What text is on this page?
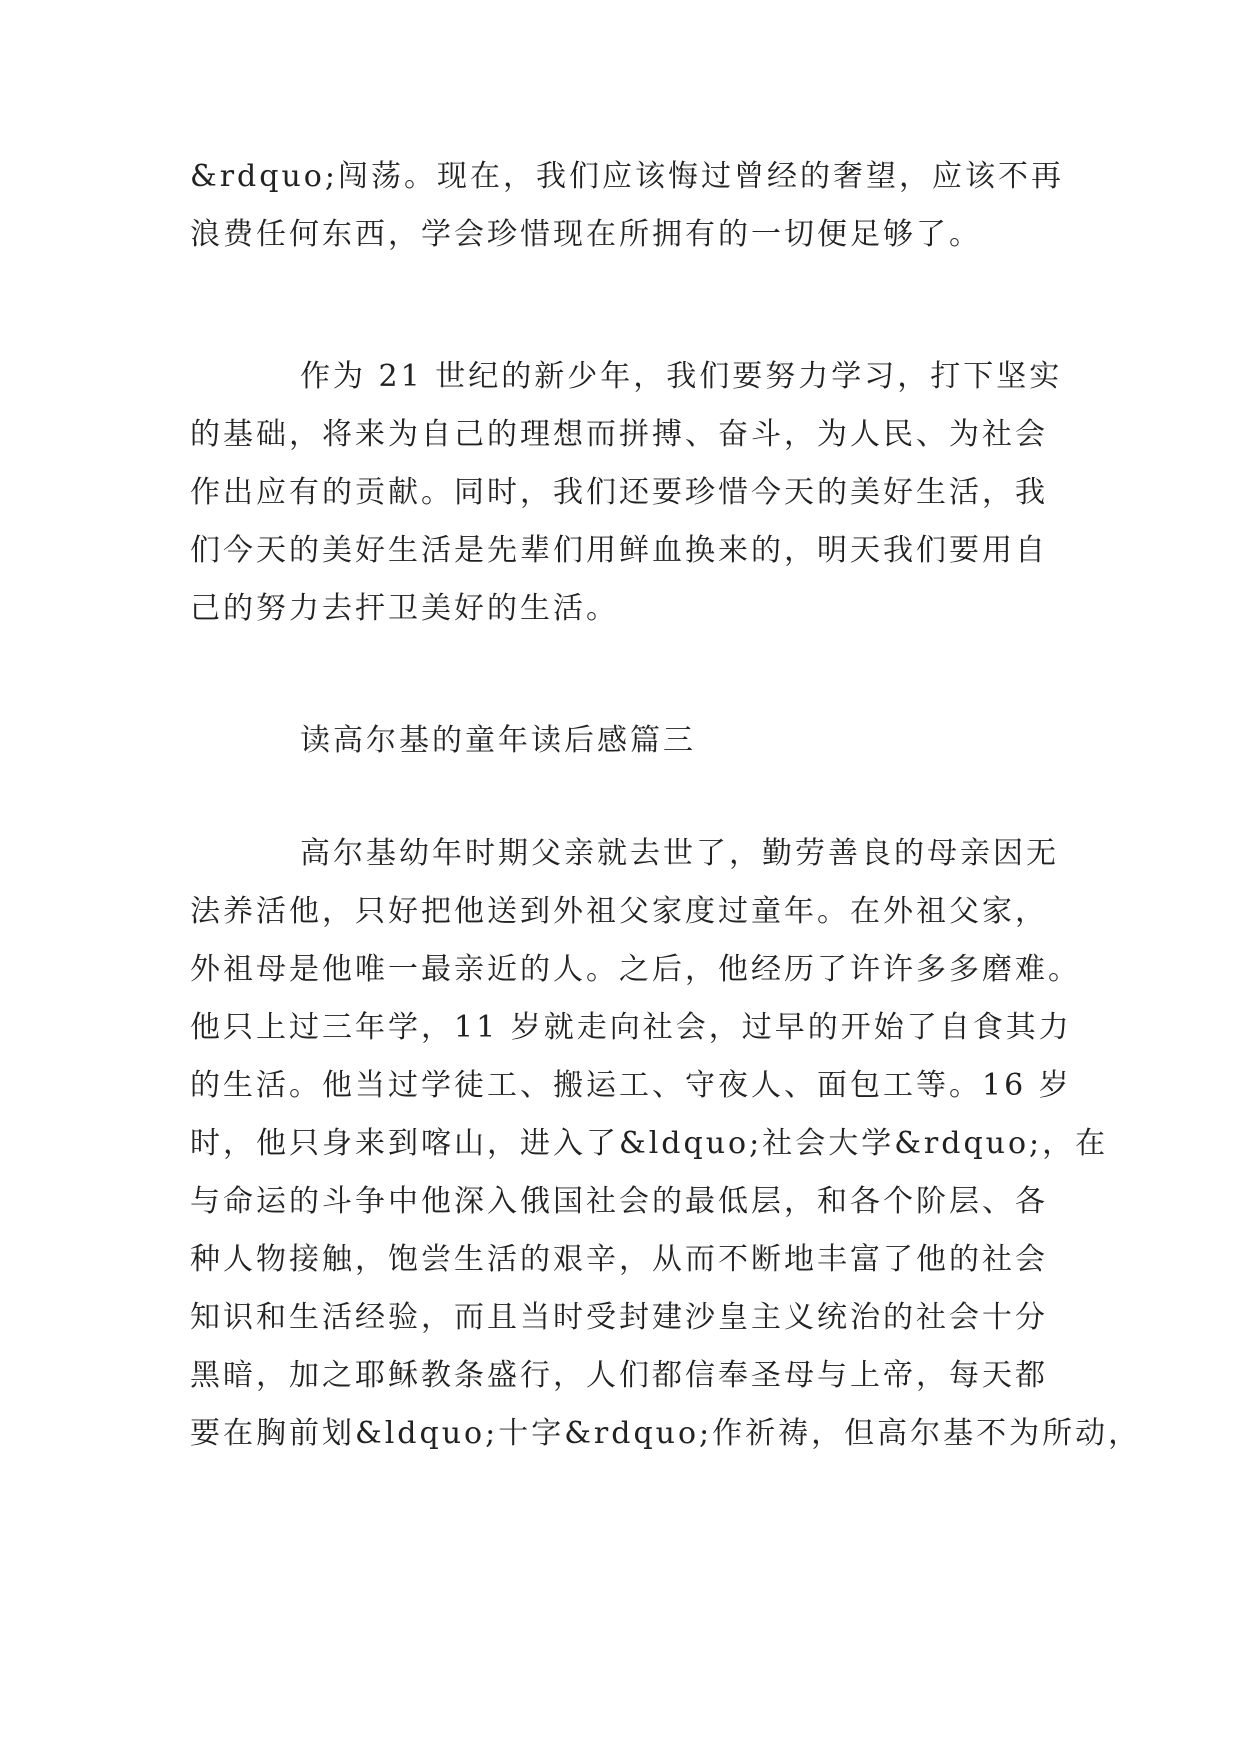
&rdquo;闯荡。现在，我们应该悔过曾经的奢望，应该不再
浪费任何东西，学会珍惜现在所拥有的一切便足够了。
作为 21 世纪的新少年，我们要努力学习，打下坚实
的基础，将来为自己的理想而拼搏、奋斗，为人民、为社会
作出应有的贡献。同时，我们还要珍惜今天的美好生活，我
们今天的美好生活是先辈们用鲜血换来的，明天我们要用自
己的努力去扞卫美好的生活。
读高尔基的童年读后感篇三
高尔基幼年时期父亲就去世了，勤劳善良的母亲因无
法养活他，只好把他送到外祖父家度过童年。在外祖父家，
外祖母是他唯一最亲近的人。之后，他经历了许许多多磨难。
他只上过三年学，11 岁就走向社会，过早的开始了自食其力
的生活。他当过学徒工、搬运工、守夜人、面包工等。16 岁
时，他只身来到喀山，进入了&ldquo;社会大学&rdquo;，在
与命运的斗争中他深入俄国社会的最低层，和各个阶层、各
种人物接触，饱尝生活的艰辛，从而不断地丰富了他的社会
知识和生活经验，而且当时受封建沙皇主义统治的社会十分
黑暗，加之耶稣教条盛行，人们都信奉圣母与上帝，每天都
要在胸前划&ldquo;十字&rdquo;作祈祷，但高尔基不为所动，
